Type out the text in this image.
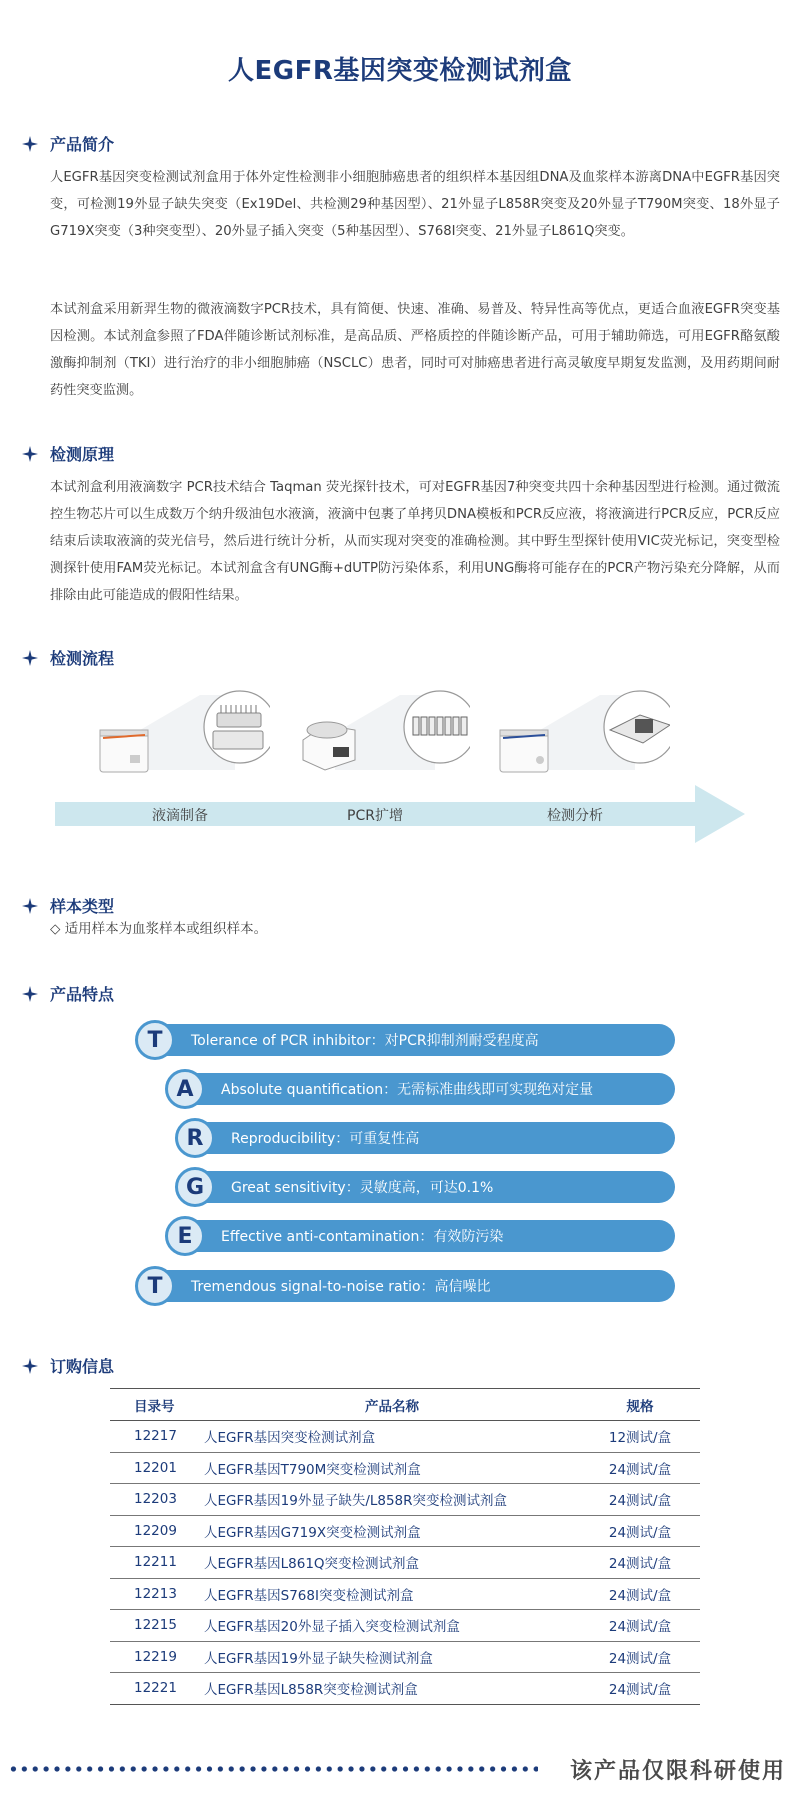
人EGFR基因突变检测试剂盒
产品简介
人EGFR基因突变检测试剂盒用于体外定性检测非小细胞肺癌患者的组织样本基因组DNA及血浆样本游离DNA中EGFR基因突变，可检测19外显子缺失突变（Ex19Del、共检测29种基因型）、21外显子L858R突变及20外显子T790M突变、18外显子G719X突变（3种突变型）、20外显子插入突变（5种基因型）、S768I突变、21外显子L861Q突变。
本试剂盒采用新羿生物的微液滴数字PCR技术，具有简便、快速、准确、易普及、特异性高等优点，更适合血液EGFR突变基因检测。本试剂盒参照了FDA伴随诊断试剂标准，是高品质、严格质控的伴随诊断产品，可用于辅助筛选，可用EGFR酪氨酸激酶抑制剂（TKI）进行治疗的非小细胞肺癌（NSCLC）患者，同时可对肺癌患者进行高灵敏度早期复发监测，及用药期间耐药性突变监测。
检测原理
本试剂盒利用液滴数字 PCR技术结合 Taqman 荧光探针技术，可对EGFR基因7种突变共四十余种基因型进行检测。通过微流控生物芯片可以生成数万个纳升级油包水液滴，液滴中包裹了单拷贝DNA模板和PCR反应液，将液滴进行PCR反应，PCR反应结束后读取液滴的荧光信号，然后进行统计分析，从而实现对突变的准确检测。其中野生型探针使用VIC荧光标记，突变型检测探针使用FAM荧光标记。本试剂盒含有UNG酶+dUTP防污染体系，利用UNG酶将可能存在的PCR产物污染充分降解，从而排除由此可能造成的假阳性结果。
检测流程
液滴制备	PCR扩增	检测分析
样本类型
◇ 适用样本为血浆样本或组织样本。
产品特点
Tolerance of PCR inhibitor：对PCR抑制剂耐受程度高
T
Absolute quantification：无需标准曲线即可实现绝对定量
A
Reproducibility：可重复性高
R
Great sensitivity：灵敏度高，可达0.1%
G
Effective anti-contamination：有效防污染
E
Tremendous signal-to-noise ratio：高信噪比
T
订购信息
目录号	产品名称	规格
12217	人EGFR基因突变检测试剂盒	12测试/盒
12201	人EGFR基因T790M突变检测试剂盒	24测试/盒
12203	人EGFR基因19外显子缺失/L858R突变检测试剂盒	24测试/盒
12209	人EGFR基因G719X突变检测试剂盒	24测试/盒
12211	人EGFR基因L861Q突变检测试剂盒	24测试/盒
12213	人EGFR基因S768I突变检测试剂盒	24测试/盒
12215	人EGFR基因20外显子插入突变检测试剂盒	24测试/盒
12219	人EGFR基因19外显子缺失检测试剂盒	24测试/盒
12221	人EGFR基因L858R突变检测试剂盒	24测试/盒
该产品仅限科研使用
